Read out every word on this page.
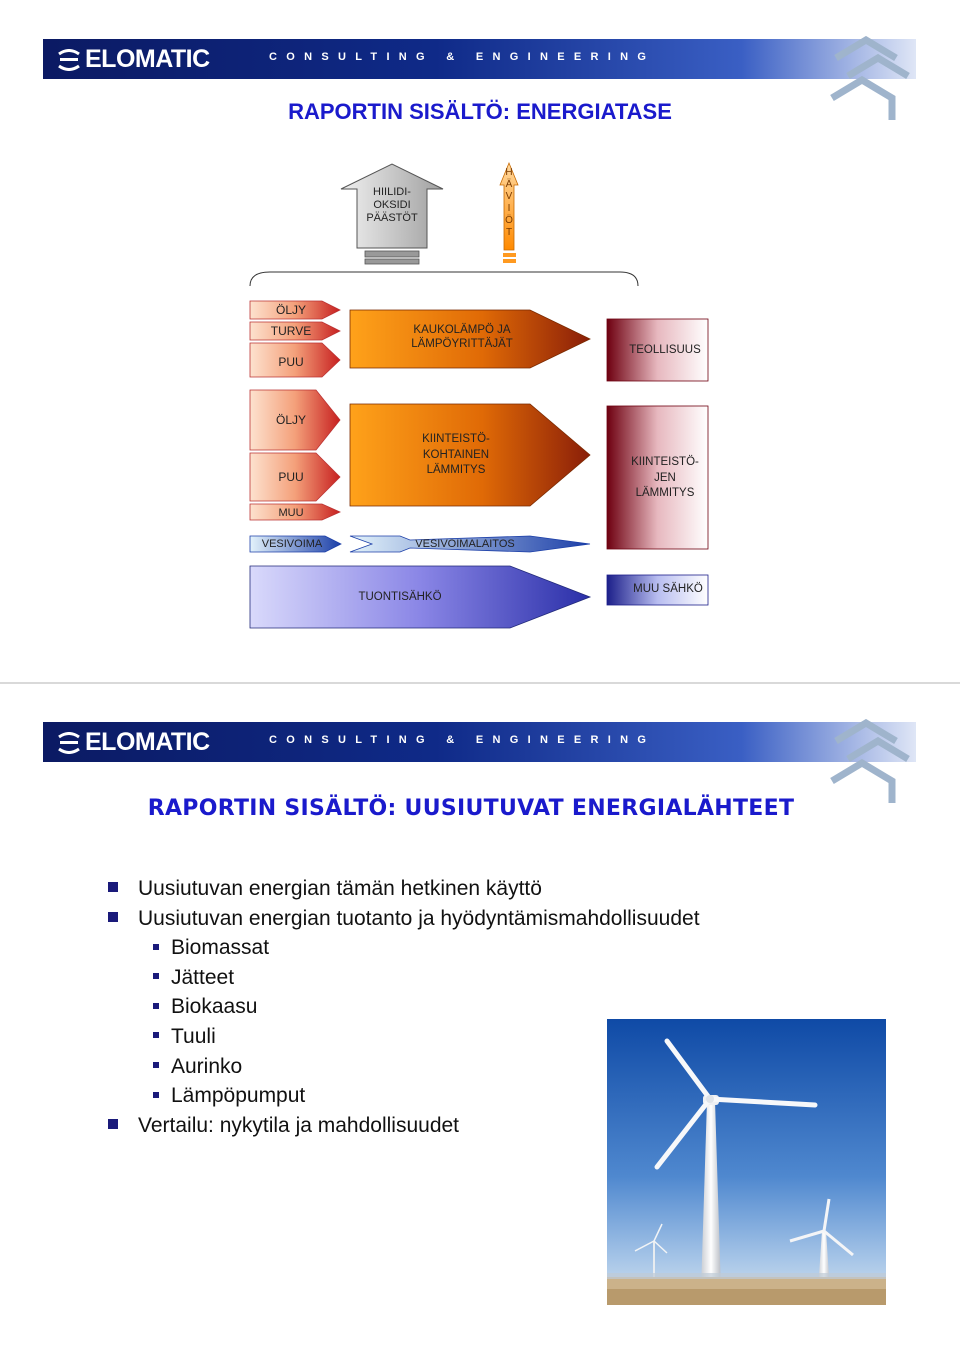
ELOMATIC	CONSULTING & ENGINEERING
RAPORTIN SISÄLTÖ: ENERGIATASE
HIILIDI-
OKSIDI
PÄÄSTÖT
H
Ä
V
I
Ö
T
ÖLJY
TURVE
PUU
KAUKOLÄMPÖ JA
LÄMPÖYRITTÄJÄT	TEOLLISUUS
ÖLJY
PUU
MUU
KIINTEISTÖ-
KOHTAINEN
LÄMMITYS
KIINTEISTÖ-
JEN
LÄMMITYS
VESIVOIMA	VESIVOIMALAITOS
TUONTISÄHKÖ
MUU SÄHKÖ
ELOMATIC	CONSULTING & ENGINEERING
RAPORTIN SISÄLTÖ: UUSIUTUVAT ENERGIALÄHTEET
Uusiutuvan energian tämän hetkinen käyttö
Uusiutuvan energian tuotanto ja hyödyntämismahdollisuudet
Biomassat
Jätteet
Biokaasu
Tuuli
Aurinko
Lämpöpumput
Vertailu: nykytila ja mahdollisuudet
